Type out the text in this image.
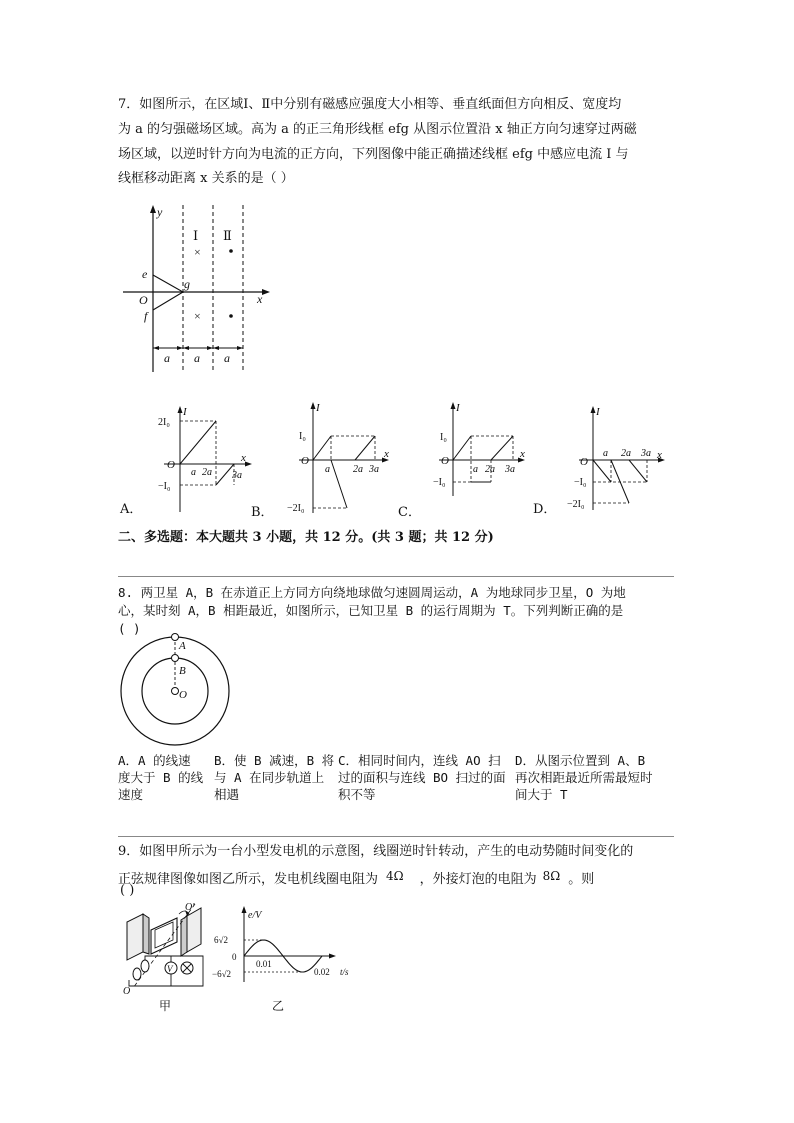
7．如图所示，在区域Ⅰ、Ⅱ中分别有磁感应强度大小相等、垂直纸面但方向相反、宽度均
为 a 的匀强磁场区域。高为 a 的正三角形线框 efg 从图示位置沿 x 轴正方向匀速穿过两磁
场区域，以逆时针方向为电流的正方向，下列图像中能正确描述线框 efg 中感应电流 I 与
线框移动距离 x 关系的是（ ）
y
x
e
f
g
O
Ⅰ Ⅱ
×
×
a a a
I
x
O
2I₀
−I₀
a 2a 3a
A．
I
x
O
I₀
−2I₀
a 2a 3a
B．
I
x
O
I₀
−I₀
a 2a 3a
C．
I
x
O
−I₀
−2I₀
a 2a 3a
D．
二、多选题：本大题共 3 小题，共 12 分。(共 3 题；共 12 分)
8. 两卫星 A，B 在赤道正上方同方向绕地球做匀速圆周运动，A 为地球同步卫星，O 为地
心，某时刻 A，B 相距最近，如图所示，已知卫星 B 的运行周期为 T。下列判断正确的是
( )
A
B
O
A．A 的线速
度大于 B 的线
速度
B．使 B 减速，B 将
与 A 在同步轨道上
相遇
C．相同时间内，连线 AO 扫
过的面积与连线 BO 扫过的面
积不等
D．从图示位置到 A、B
再次相距最近所需最短时
间大于 T
9．如图甲所示为一台小型发电机的示意图，线圈逆时针转动，产生的电动势随时间变化的
正弦规律图像如图乙所示，发电机线圈电阻为 4Ω ，外接灯泡的电阻为 8Ω 。则
( )
V
O′
O
甲
e/V
6√2
0
−6√2
0.01
0.02 t/s
乙
